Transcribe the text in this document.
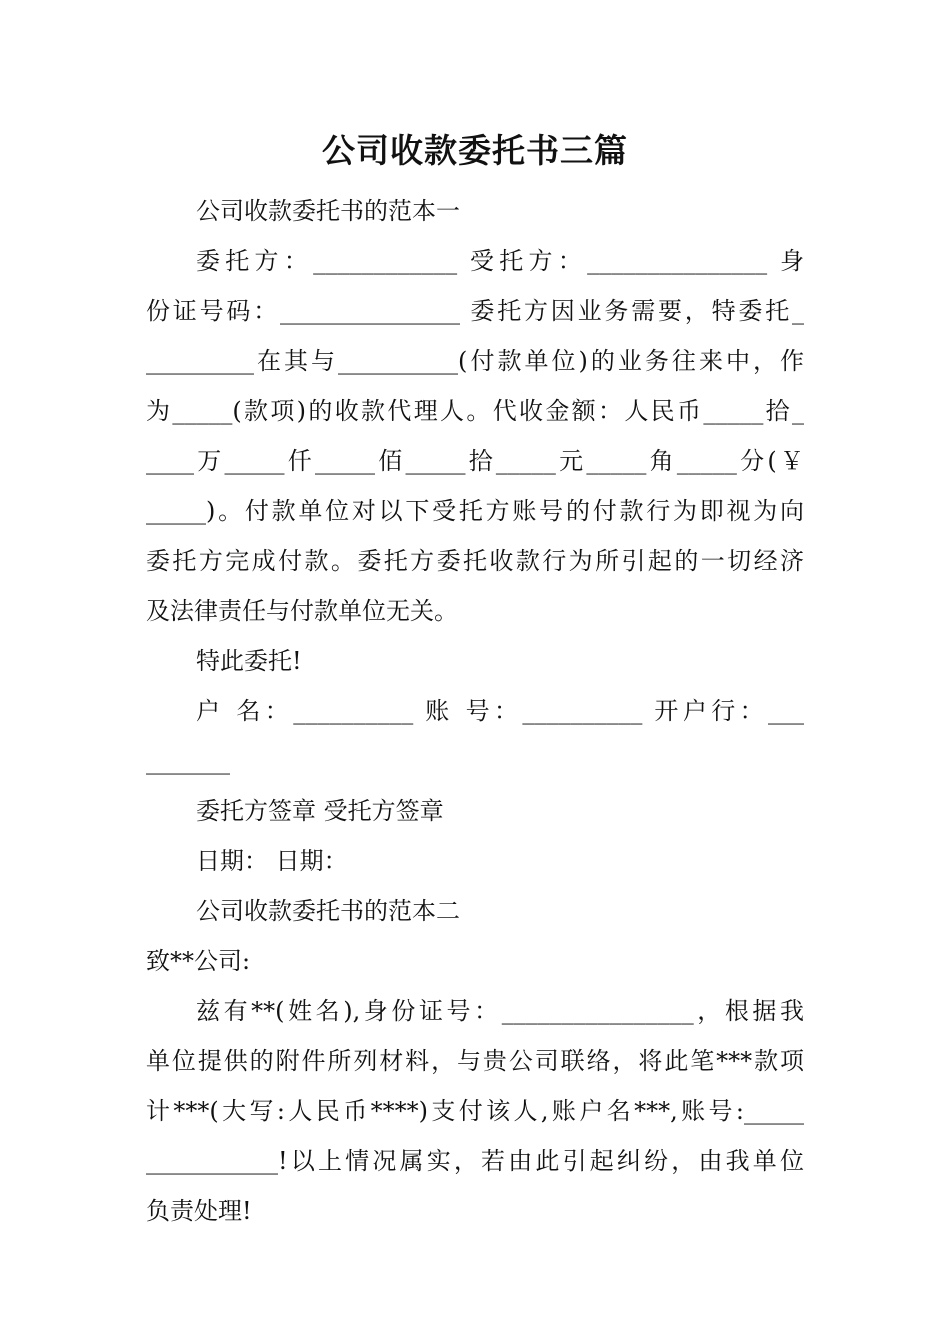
公司收款委托书三篇
公司收款委托书的范本一
委托方：____________ 受托方：_______________ 身
份证号码：_______________ 委托方因业务需要，特委托_
_________在其与__________(付款单位)的业务往来中，作
为_____(款项)的收款代理人。代收金额：人民币_____拾_
____万_____仟_____佰_____拾_____元_____角_____分(￥
_____)。付款单位对以下受托方账号的付款行为即视为向
委托方完成付款。委托方委托收款行为所引起的一切经济
及法律责任与付款单位无关。
特此委托!
户 名：__________ 账 号：__________ 开户行：___
_______
委托方签章 受托方签章
日期： 日期：
公司收款委托书的范本二
致**公司:
兹有**(姓名),身份证号：________________，根据我
单位提供的附件所列材料，与贵公司联络，将此笔***款项
计***(大写:人民币****)支付该人,账户名***,账号:_____
___________!以上情况属实，若由此引起纠纷，由我单位
负责处理!
